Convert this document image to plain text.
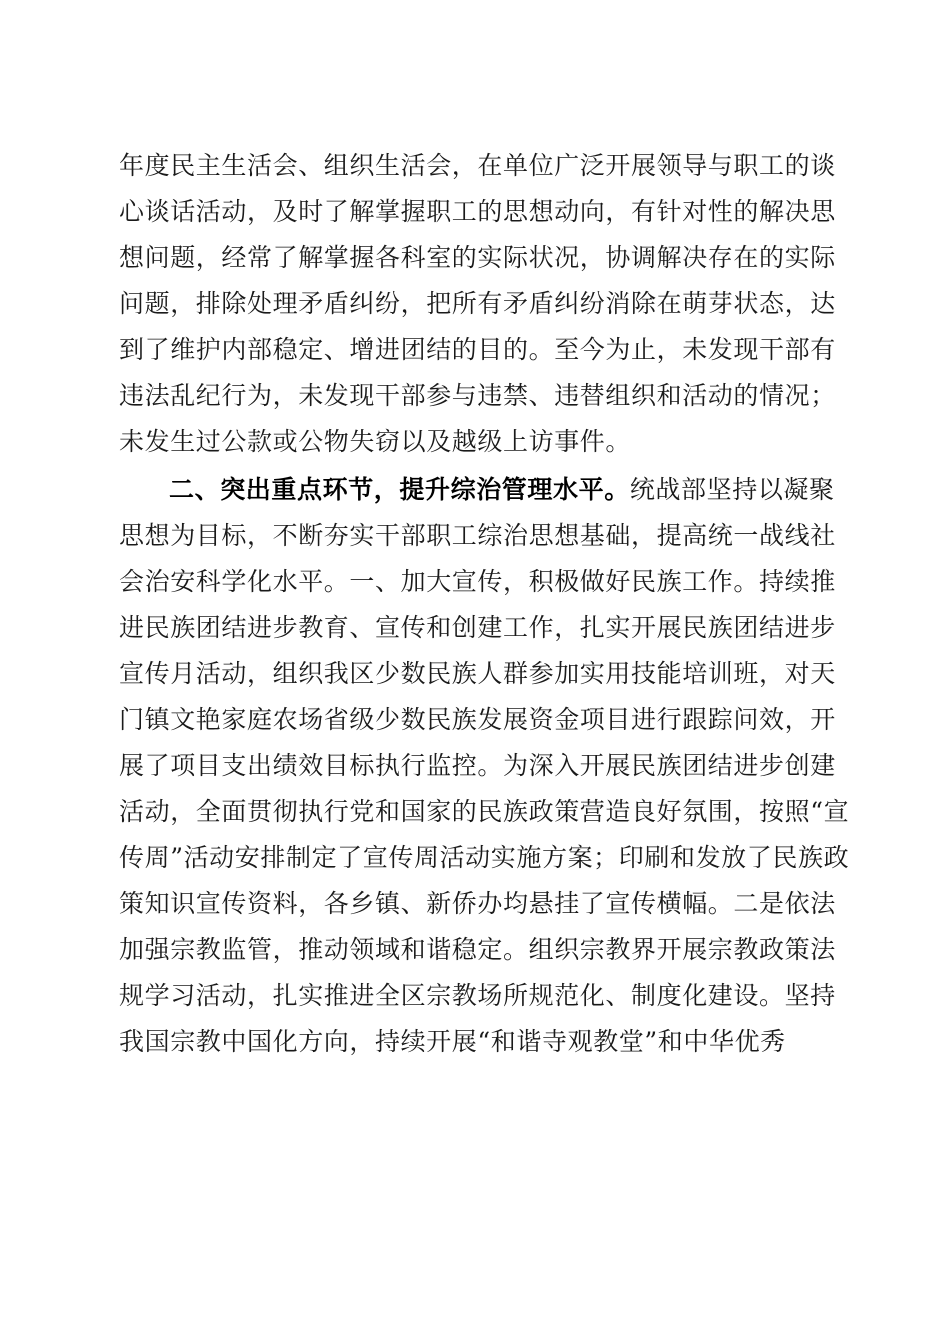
年度民主生活会、组织生活会，在单位广泛开展领导与职工的谈
心谈话活动，及时了解掌握职工的思想动向，有针对性的解决思
想问题，经常了解掌握各科室的实际状况，协调解决存在的实际
问题，排除处理矛盾纠纷，把所有矛盾纠纷消除在萌芽状态，达
到了维护内部稳定、增进团结的目的。至今为止，未发现干部有
违法乱纪行为，未发现干部参与违禁、违替组织和活动的情况；
未发生过公款或公物失窃以及越级上访事件。
二、突出重点环节，提升综治管理水平。统战部坚持以凝聚
思想为目标，不断夯实干部职工综治思想基础，提高统一战线社
会治安科学化水平。一、加大宣传，积极做好民族工作。持续推
进民族团结进步教育、宣传和创建工作，扎实开展民族团结进步
宣传月活动，组织我区少数民族人群参加实用技能培训班，对天
门镇文艳家庭农场省级少数民族发展资金项目进行跟踪问效，开
展了项目支出绩效目标执行监控。为深入开展民族团结进步创建
活动，全面贯彻执行党和国家的民族政策营造良好氛围，按照“宣
传周”活动安排制定了宣传周活动实施方案；印刷和发放了民族政
策知识宣传资料，各乡镇、新侨办均悬挂了宣传横幅。二是依法
加强宗教监管，推动领域和谐稳定。组织宗教界开展宗教政策法
规学习活动，扎实推进全区宗教场所规范化、制度化建设。坚持
我国宗教中国化方向，持续开展“和谐寺观教堂”和中华优秀
